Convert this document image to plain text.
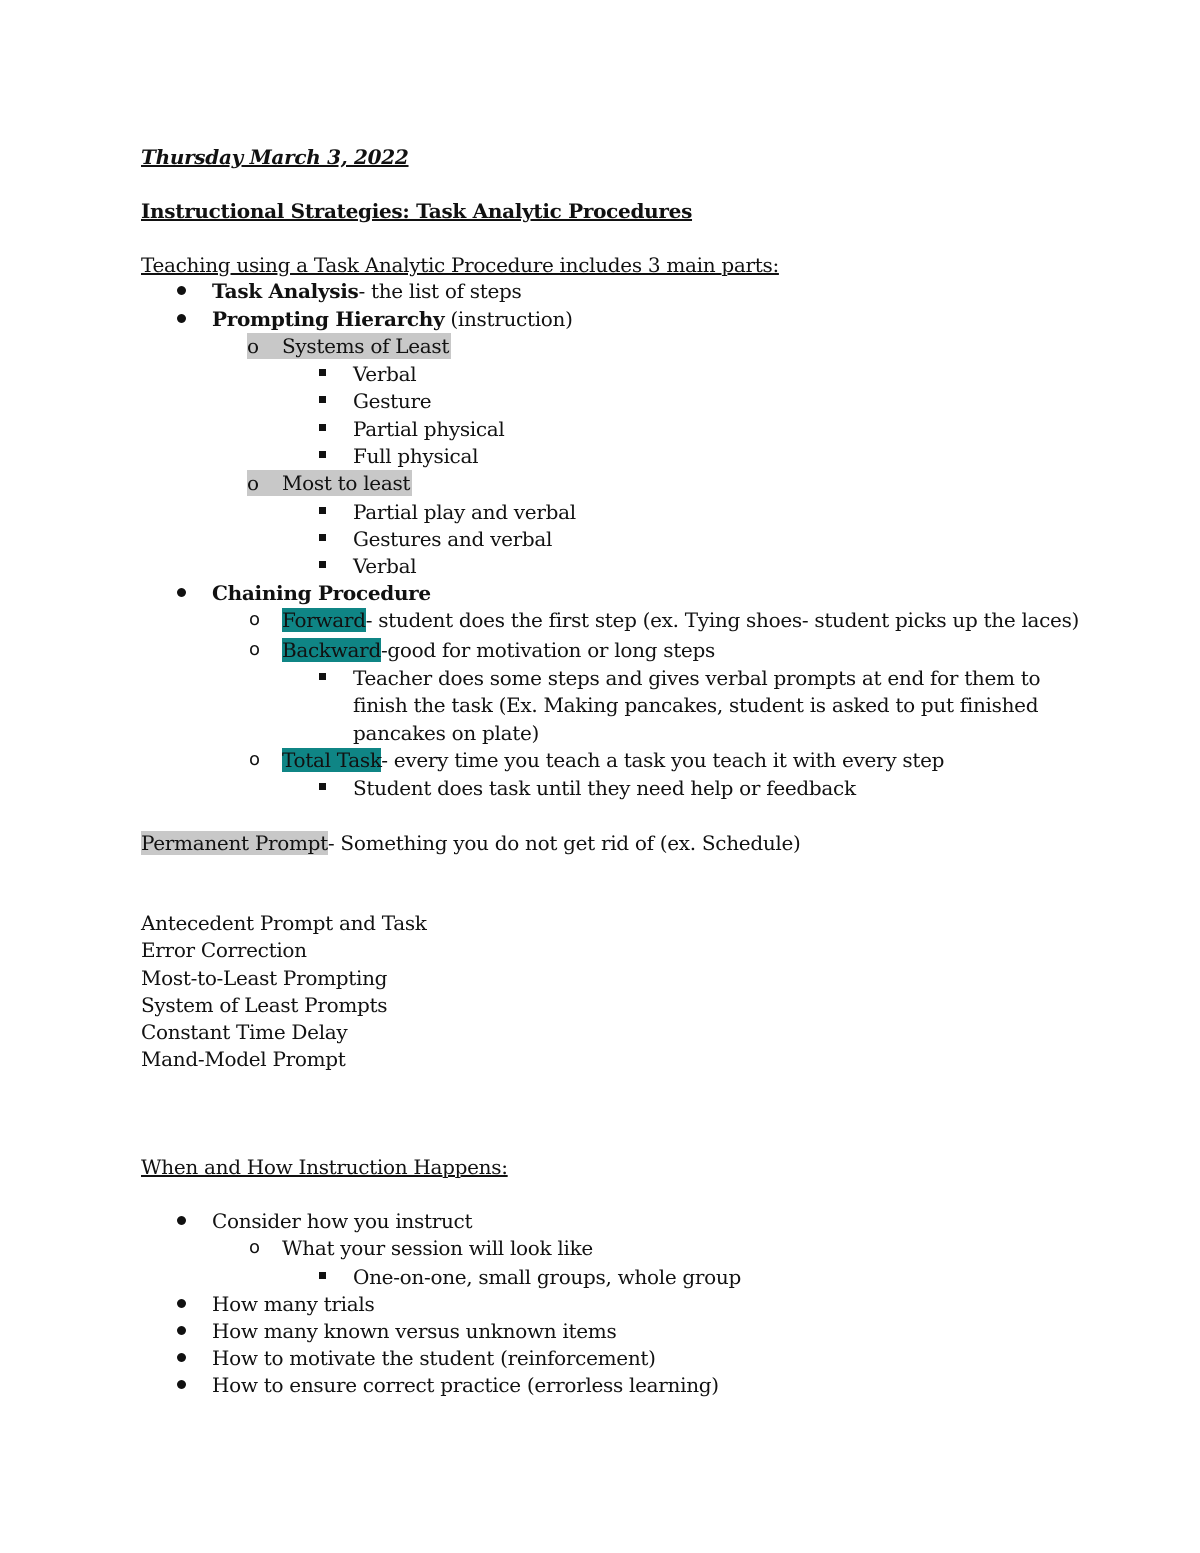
Thursday March 3, 2022
Instructional Strategies: Task Analytic Procedures
Teaching using a Task Analytic Procedure includes 3 main parts:
Task Analysis- the list of steps
Prompting Hierarchy (instruction)
o Systems of Least
Verbal
Gesture
Partial physical
Full physical
o Most to least
Partial play and verbal
Gestures and verbal
Verbal
Chaining Procedure
o Forward- student does the first step (ex. Tying shoes- student picks up the laces)
o Backward-good for motivation or long steps
Teacher does some steps and gives verbal prompts at end for them to
finish the task (Ex. Making pancakes, student is asked to put finished
pancakes on plate)
o Total Task- every time you teach a task you teach it with every step
Student does task until they need help or feedback
Permanent Prompt- Something you do not get rid of (ex. Schedule)
Antecedent Prompt and Task
Error Correction
Most-to-Least Prompting
System of Least Prompts
Constant Time Delay
Mand-Model Prompt
When and How Instruction Happens:
Consider how you instruct
o What your session will look like
One-on-one, small groups, whole group
How many trials
How many known versus unknown items
How to motivate the student (reinforcement)
How to ensure correct practice (errorless learning)
